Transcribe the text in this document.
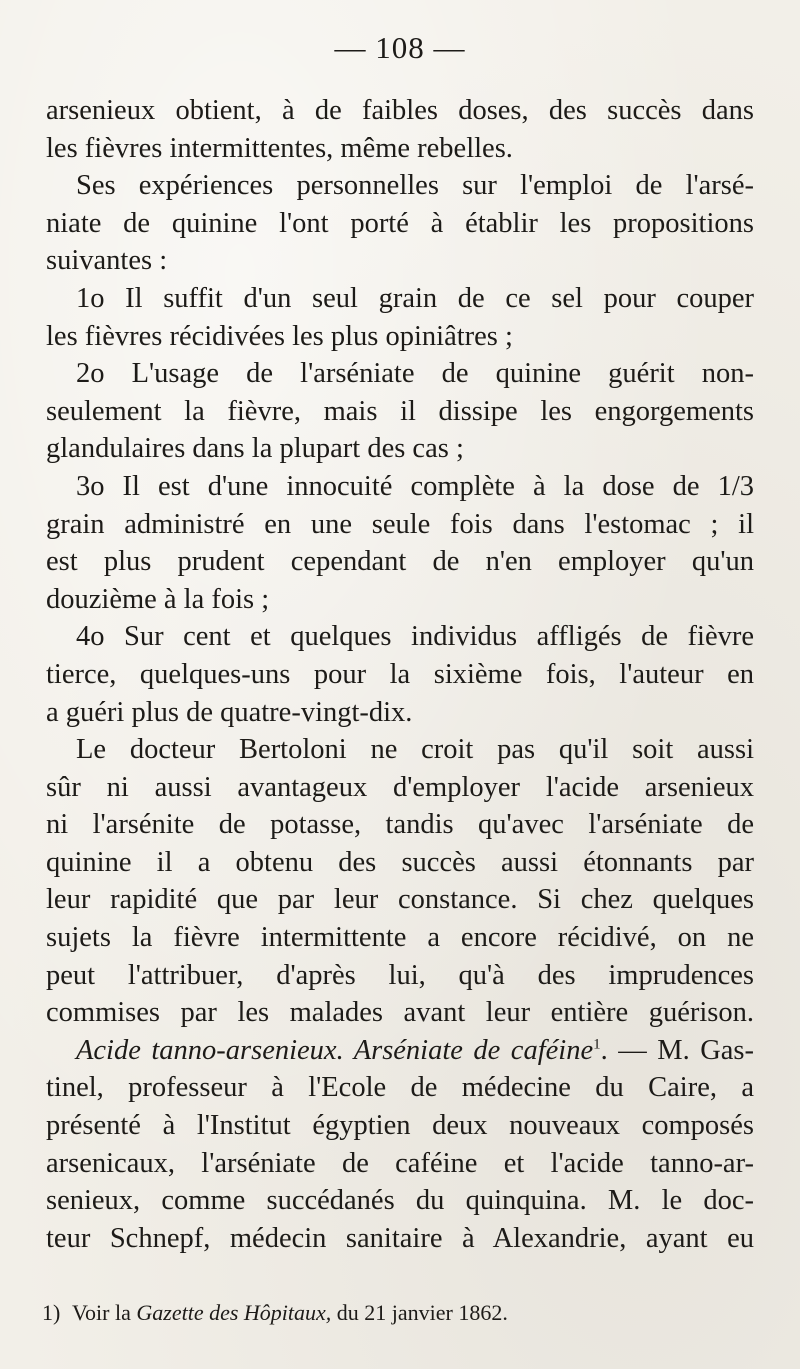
— 108 —
arsenieux obtient, à de faibles doses, des succès dans
les fièvres intermittentes, même rebelles.
Ses expériences personnelles sur l'emploi de l'arsé-
niate de quinine l'ont porté à établir les propositions
suivantes :
1o Il suffit d'un seul grain de ce sel pour couper
les fièvres récidivées les plus opiniâtres ;
2o L'usage de l'arséniate de quinine guérit non-
seulement la fièvre, mais il dissipe les engorgements
glandulaires dans la plupart des cas ;
3o Il est d'une innocuité complète à la dose de 1/3
grain administré en une seule fois dans l'estomac ; il
est plus prudent cependant de n'en employer qu'un
douzième à la fois ;
4o Sur cent et quelques individus affligés de fièvre
tierce, quelques-uns pour la sixième fois, l'auteur en
a guéri plus de quatre-vingt-dix.
Le docteur Bertoloni ne croit pas qu'il soit aussi
sûr ni aussi avantageux d'employer l'acide arsenieux
ni l'arsénite de potasse, tandis qu'avec l'arséniate de
quinine il a obtenu des succès aussi étonnants par
leur rapidité que par leur constance. Si chez quelques
sujets la fièvre intermittente a encore récidivé, on ne
peut l'attribuer, d'après lui, qu'à des imprudences
commises par les malades avant leur entière guérison.
Acide tanno-arsenieux. Arséniate de caféine$^1$. — M. Gas-
tinel, professeur à l'Ecole de médecine du Caire, a
présenté à l'Institut égyptien deux nouveaux composés
arsenicaux, l'arséniate de caféine et l'acide tanno-ar-
senieux, comme succédanés du quinquina. M. le doc-
teur Schnepf, médecin sanitaire à Alexandrie, ayant eu
1) Voir la Gazette des Hôpitaux, du 21 janvier 1862.
